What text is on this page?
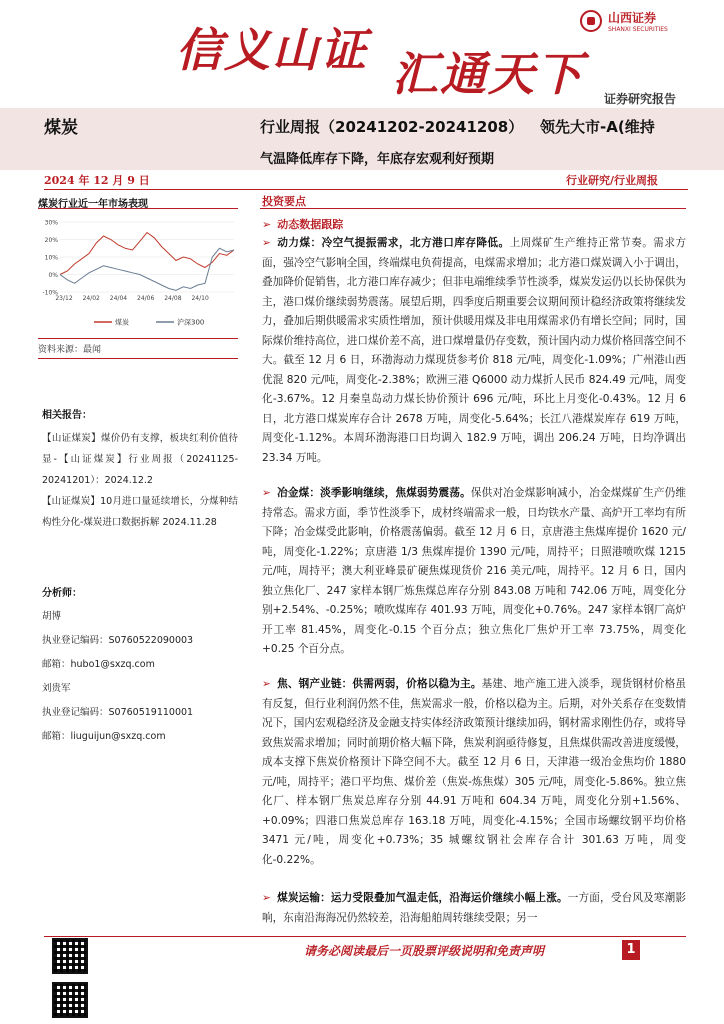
信义山证 汇通天下
山西证券
SHANXI SECURITIES
证券研究报告
煤炭	行业周报（20241202-20241208） 领先大市-A(维持
气温降低库存下降，年底存宏观利好预期
2024 年 12 月 9 日	行业研究/行业周报
煤炭行业近一年市场表现
30%
20%
10%
0%
-10%
23/12 24/02 24/04 24/06 24/08 24/10
煤炭	沪深300
资料来源：最闻
相关报告：
【山证煤炭】煤价仍有支撑，板块红利价值待显-【山证煤炭】行业周报（20241125-20241201）：2024.12.2
【山证煤炭】10月进口量延续增长，分煤种结构性分化-煤炭进口数据拆解 2024.11.28
分析师：
胡博
执业登记编码：S0760522090003
邮箱：hubo1@sxzq.com
刘贵军
执业登记编码：S0760519110001
邮箱：liuguijun@sxzq.com
投资要点
➢ 动态数据跟踪
➢ 动力煤：冷空气提振需求，北方港口库存降低。上周煤矿生产维持正常节奏。需求方面，强冷空气影响全国，终端煤电负荷提高，电煤需求增加；北方港口煤炭调入小于调出，叠加降价促销售，北方港口库存减少；但非电端维续季节性淡季，煤炭发运仍以长协保供为主，港口煤价继续弱势震荡。展望后期，四季度后期重要会议期间预计稳经济政策将继续发力，叠加后期供暖需求实质性增加，预计供暖用煤及非电用煤需求仍有增长空间；同时，国际煤价维持高位，进口煤价差不高，进口煤增量仍存变数，预计国内动力煤价格回落空间不大。截至 12 月 6 日，环渤海动力煤现货参考价 818 元/吨，周变化-1.09%；广州港山西优混 820 元/吨，周变化-2.38%；欧洲三港 Q6000 动力煤折人民币 824.49 元/吨，周变化-3.67%。12 月秦皇岛动力煤长协价预计 696 元/吨，环比上月变化-0.43%。12 月 6 日，北方港口煤炭库存合计 2678 万吨，周变化-5.64%；长江八港煤炭库存 619 万吨，周变化-1.12%。本周环渤海港口日均调入 182.9 万吨，调出 206.24 万吨，日均净调出 23.34 万吨。
➢ 冶金煤：淡季影响继续，焦煤弱势震荡。保供对冶金煤影响减小，冶金煤煤矿生产仍维持常态。需求方面，季节性淡季下，成材终端需求一般，日均铁水产量、高炉开工率均有所下降；冶金煤受此影响，价格震荡偏弱。截至 12 月 6 日，京唐港主焦煤库提价 1620 元/吨，周变化-1.22%；京唐港 1/3 焦煤库提价 1390 元/吨，周持平；日照港喷吹煤 1215 元/吨，周持平；澳大利亚峰景矿硬焦煤现货价 216 美元/吨，周持平。12 月 6 日，国内独立焦化厂、247 家样本钢厂炼焦煤总库存分别 843.08 万吨和 742.06 万吨，周变化分别+2.54%、-0.25%；喷吹煤库存 401.93 万吨，周变化+0.76%。247 家样本钢厂高炉开工率 81.45%，周变化-0.15 个百分点；独立焦化厂焦炉开工率 73.75%，周变化+0.25 个百分点。
➢ 焦、钢产业链：供需两弱，价格以稳为主。基建、地产施工进入淡季，现货钢材价格虽有反复，但行业利润仍然不佳，焦炭需求一般，价格以稳为主。后期，对外关系存在变数情况下，国内宏观稳经济及金融支持实体经济政策预计继续加码，钢材需求刚性仍存，或将导致焦炭需求增加；同时前期价格大幅下降，焦炭利润亟待修复，且焦煤供需改善进度缓慢，成本支撑下焦炭价格预计下降空间不大。截至 12 月 6 日，天津港一级冶金焦均价 1880 元/吨，周持平；港口平均焦、煤价差（焦炭-炼焦煤）305 元/吨，周变化-5.86%。独立焦化厂、样本钢厂焦炭总库存分别 44.91 万吨和 604.34 万吨，周变化分别+1.56%、+0.09%；四港口焦炭总库存 163.18 万吨，周变化-4.15%；全国市场螺纹钢平均价格 3471 元/吨，周变化+0.73%；35 城螺纹钢社会库存合计 301.63 万吨，周变化-0.22%。
➢ 煤炭运输：运力受限叠加气温走低，沿海运价继续小幅上涨。一方面，受台风及寒潮影响，东南沿海海况仍然较差，沿海船舶周转继续受限；另一
请务必阅读最后一页股票评级说明和免责声明	1
